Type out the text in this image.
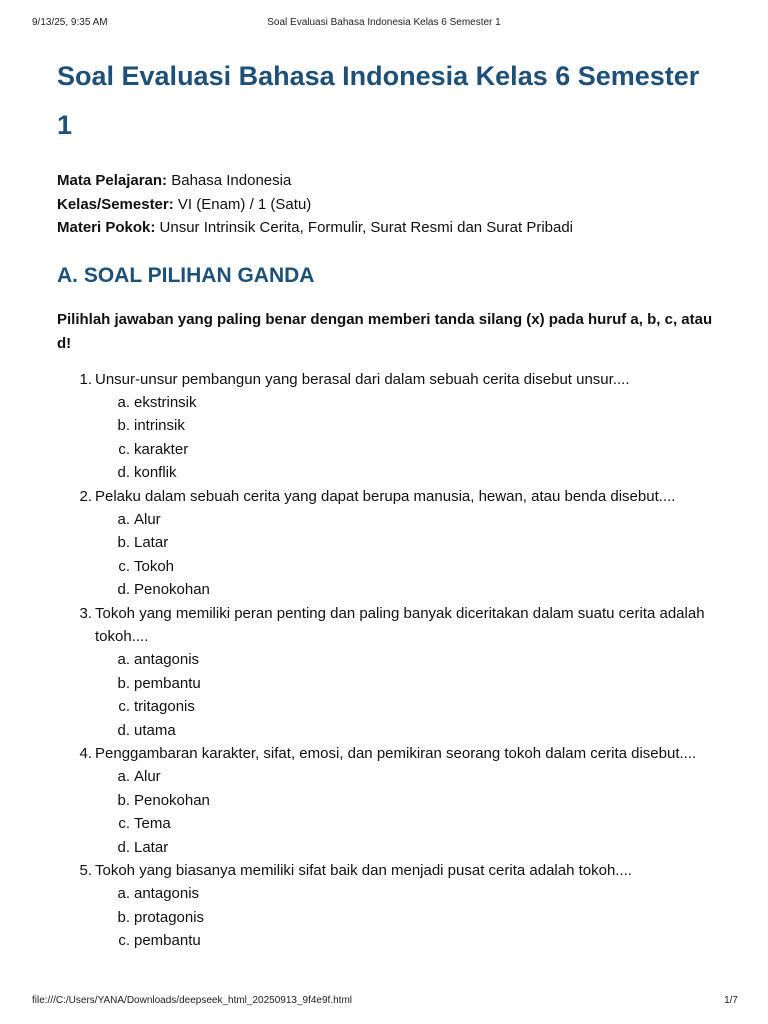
9/13/25, 9:35 AM	Soal Evaluasi Bahasa Indonesia Kelas 6 Semester 1
Soal Evaluasi Bahasa Indonesia Kelas 6 Semester 1
Mata Pelajaran: Bahasa Indonesia
Kelas/Semester: VI (Enam) / 1 (Satu)
Materi Pokok: Unsur Intrinsik Cerita, Formulir, Surat Resmi dan Surat Pribadi
A. SOAL PILIHAN GANDA
Pilihlah jawaban yang paling benar dengan memberi tanda silang (x) pada huruf a, b, c, atau d!
1. Unsur-unsur pembangun yang berasal dari dalam sebuah cerita disebut unsur....
a. ekstrinsik
b. intrinsik
c. karakter
d. konflik
2. Pelaku dalam sebuah cerita yang dapat berupa manusia, hewan, atau benda disebut....
a. Alur
b. Latar
c. Tokoh
d. Penokohan
3. Tokoh yang memiliki peran penting dan paling banyak diceritakan dalam suatu cerita adalah tokoh....
a. antagonis
b. pembantu
c. tritagonis
d. utama
4. Penggambaran karakter, sifat, emosi, dan pemikiran seorang tokoh dalam cerita disebut....
a. Alur
b. Penokohan
c. Tema
d. Latar
5. Tokoh yang biasanya memiliki sifat baik dan menjadi pusat cerita adalah tokoh....
a. antagonis
b. protagonis
c. pembantu
file:///C:/Users/YANA/Downloads/deepseek_html_20250913_9f4e9f.html	1/7
